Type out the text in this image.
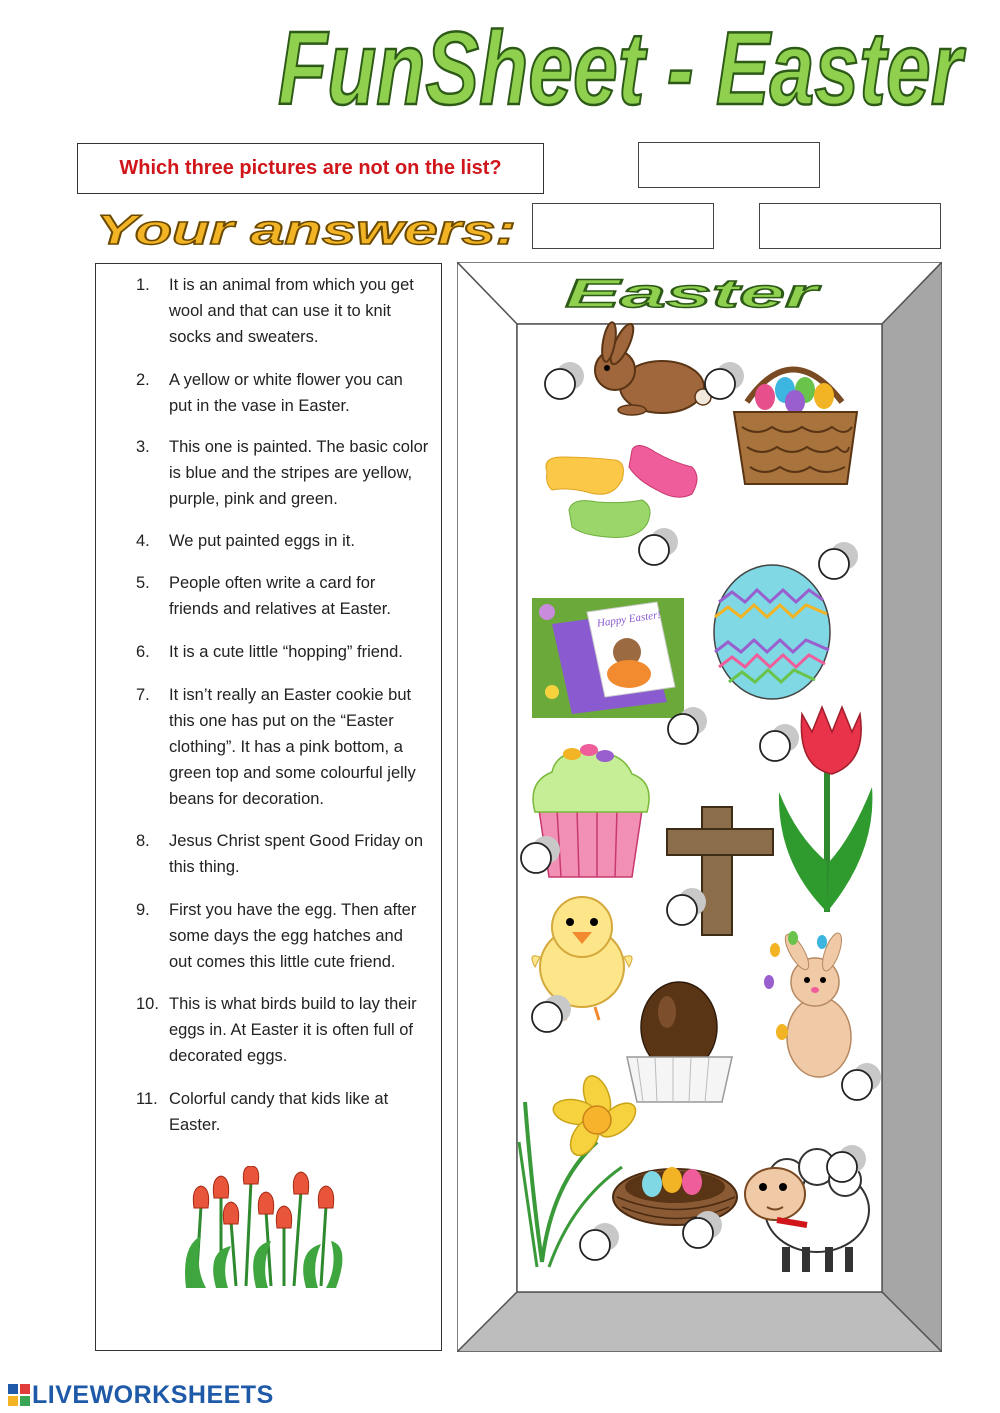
FunSheet - Easter
Which three pictures are not on the list?
Your answers:
1.	It is an animal from which you get
wool and that can use it to knit
socks and sweaters.
2.	A yellow or white flower you can
put in the vase in Easter.
3.	This one is painted. The basic color
is blue and the stripes are yellow,
purple, pink and green.
4.	We put painted eggs in it.
5.	People often write a card for
friends and relatives at Easter.
6.	It is a cute little “hopping” friend.
7.	It isn’t really an Easter cookie but
this one has put on the “Easter
clothing”. It has a pink bottom, a
green top and some colourful jelly
beans for decoration.
8.	Jesus Christ spent Good Friday on
this thing.
9.	First you have the egg. Then after
some days the egg hatches and
out comes this little cute friend.
10. This is what birds build to lay their
eggs in. At Easter it is often full of
decorated eggs.
11. Colorful candy that kids like at
Easter.
Easter
Happy Easter!
LIVEWORKSHEETS
